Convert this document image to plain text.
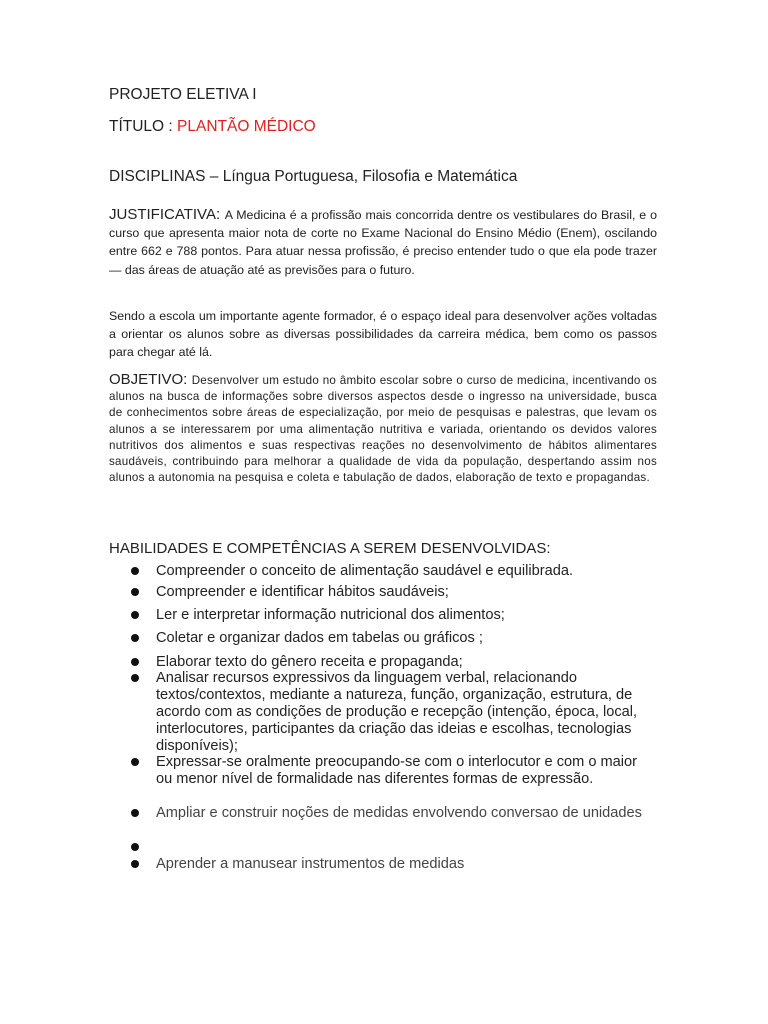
PROJETO ELETIVA I
TÍTULO : PLANTÃO MÉDICO
DISCIPLINAS – Língua Portuguesa, Filosofia e Matemática
JUSTIFICATIVA: A Medicina é a profissão mais concorrida dentre os vestibulares do Brasil, e o curso que apresenta maior nota de corte no Exame Nacional do Ensino Médio (Enem), oscilando entre 662 e 788 pontos. Para atuar nessa profissão, é preciso entender tudo o que ela pode trazer — das áreas de atuação até as previsões para o futuro.
Sendo a escola um importante agente formador, é o espaço ideal para desenvolver ações voltadas a orientar os alunos sobre as diversas possibilidades da carreira médica, bem como os passos para chegar até lá.
OBJETIVO: Desenvolver um estudo no âmbito escolar sobre o curso de medicina, incentivando os alunos na busca de informações sobre diversos aspectos desde o ingresso na universidade, busca de conhecimentos sobre áreas de especialização, por meio de pesquisas e palestras, que levam os alunos a se interessarem por uma alimentação nutritiva e variada, orientando os devidos valores nutritivos dos alimentos e suas respectivas reações no desenvolvimento de hábitos alimentares saudáveis, contribuindo para melhorar a qualidade de vida da população, despertando assim nos alunos a autonomia na pesquisa e coleta e tabulação de dados, elaboração de texto e propagandas.
HABILIDADES E COMPETÊNCIAS A SEREM DESENVOLVIDAS:
Compreender o conceito de alimentação saudável e equilibrada.
Compreender e identificar hábitos saudáveis;
Ler e interpretar informação nutricional dos alimentos;
Coletar e organizar dados em tabelas ou gráficos ;
Elaborar texto do gênero receita e propaganda;
Analisar recursos expressivos da linguagem verbal, relacionando textos/contextos, mediante a natureza, função, organização, estrutura, de acordo com as condições de produção e recepção (intenção, época, local, interlocutores, participantes da criação das ideias e escolhas, tecnologias disponíveis);
Expressar-se oralmente preocupando-se com o interlocutor e com o maior ou menor nível de formalidade nas diferentes formas de expressão.
Ampliar e construir noções de medidas envolvendo conversao de unidades
Aprender a manusear instrumentos de medidas
